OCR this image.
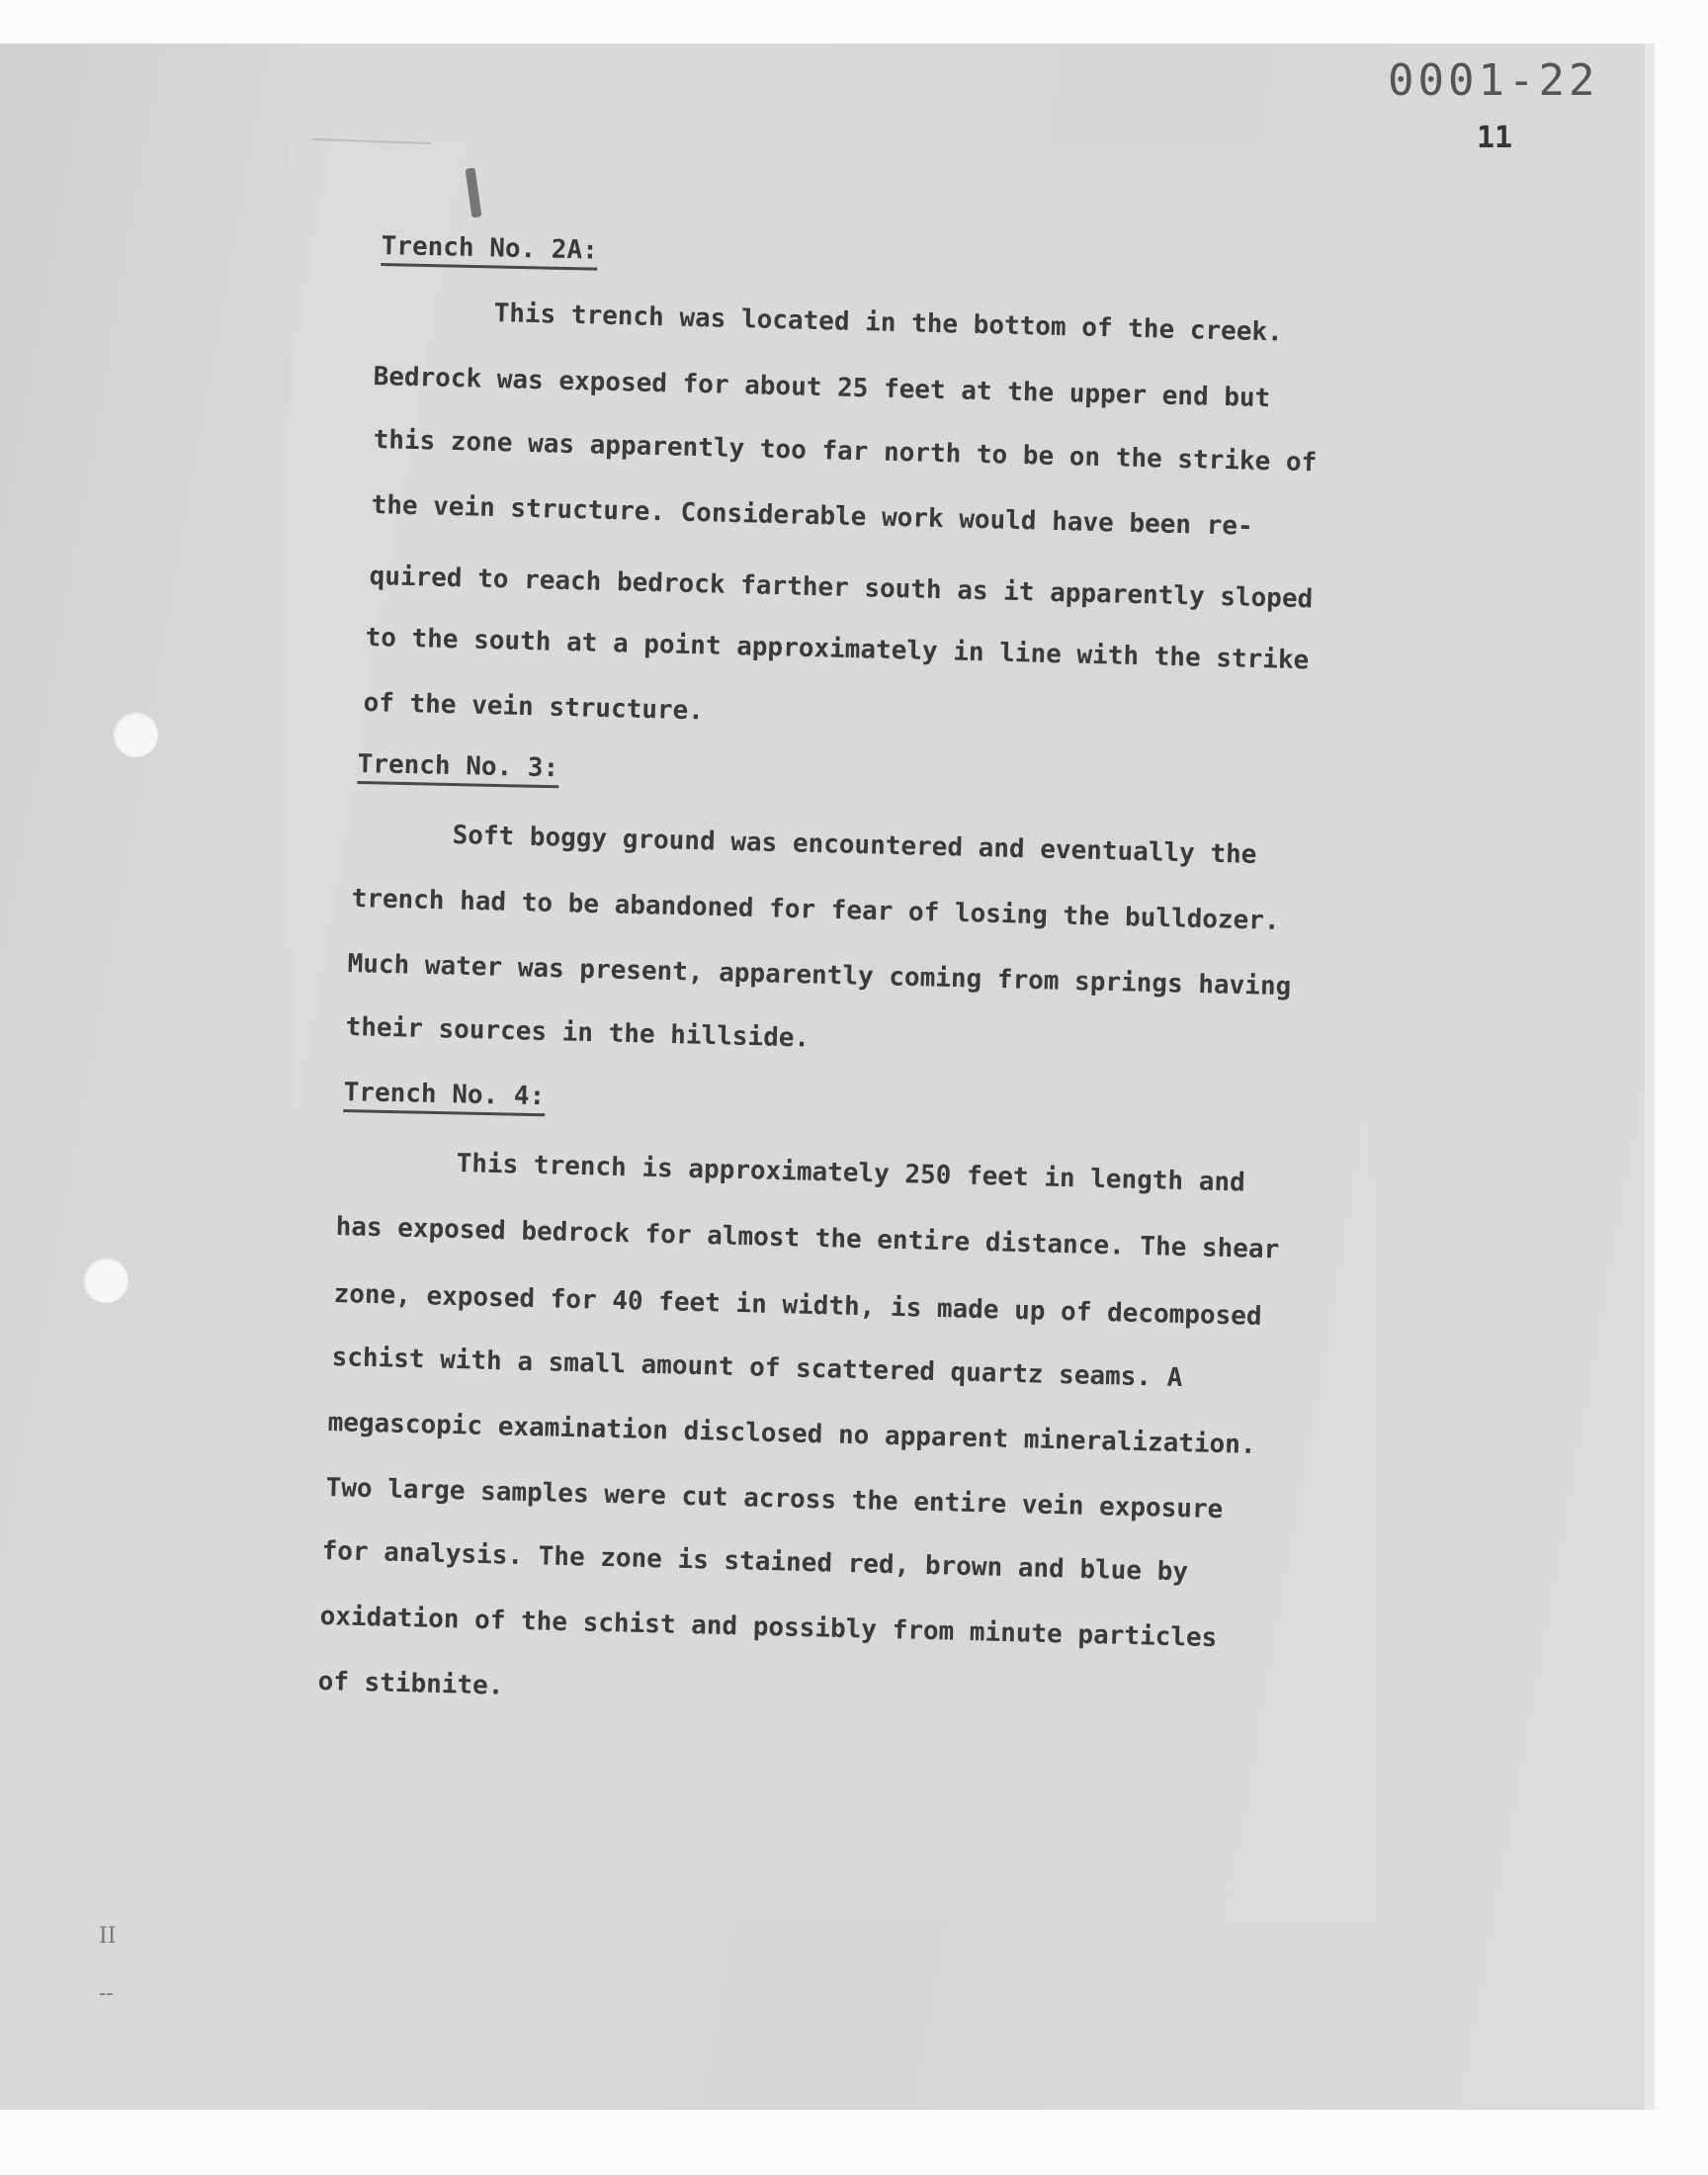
0001-22
11
Trench No. 2A:
This trench was located in the bottom of the creek.
Bedrock was exposed for about 25 feet at the upper end but
this zone was apparently too far north to be on the strike of
the vein structure. Considerable work would have been re-
quired to reach bedrock farther south as it apparently sloped
to the south at a point approximately in line with the strike
of the vein structure.
Trench No. 3:
Soft boggy ground was encountered and eventually the
trench had to be abandoned for fear of losing the bulldozer.
Much water was present, apparently coming from springs having
their sources in the hillside.
Trench No. 4:
This trench is approximately 250 feet in length and
has exposed bedrock for almost the entire distance. The shear
zone, exposed for 40 feet in width, is made up of decomposed
schist with a small amount of scattered quartz seams. A
megascopic examination disclosed no apparent mineralization.
Two large samples were cut across the entire vein exposure
for analysis. The zone is stained red, brown and blue by
oxidation of the schist and possibly from minute particles
of stibnite.
II
--
